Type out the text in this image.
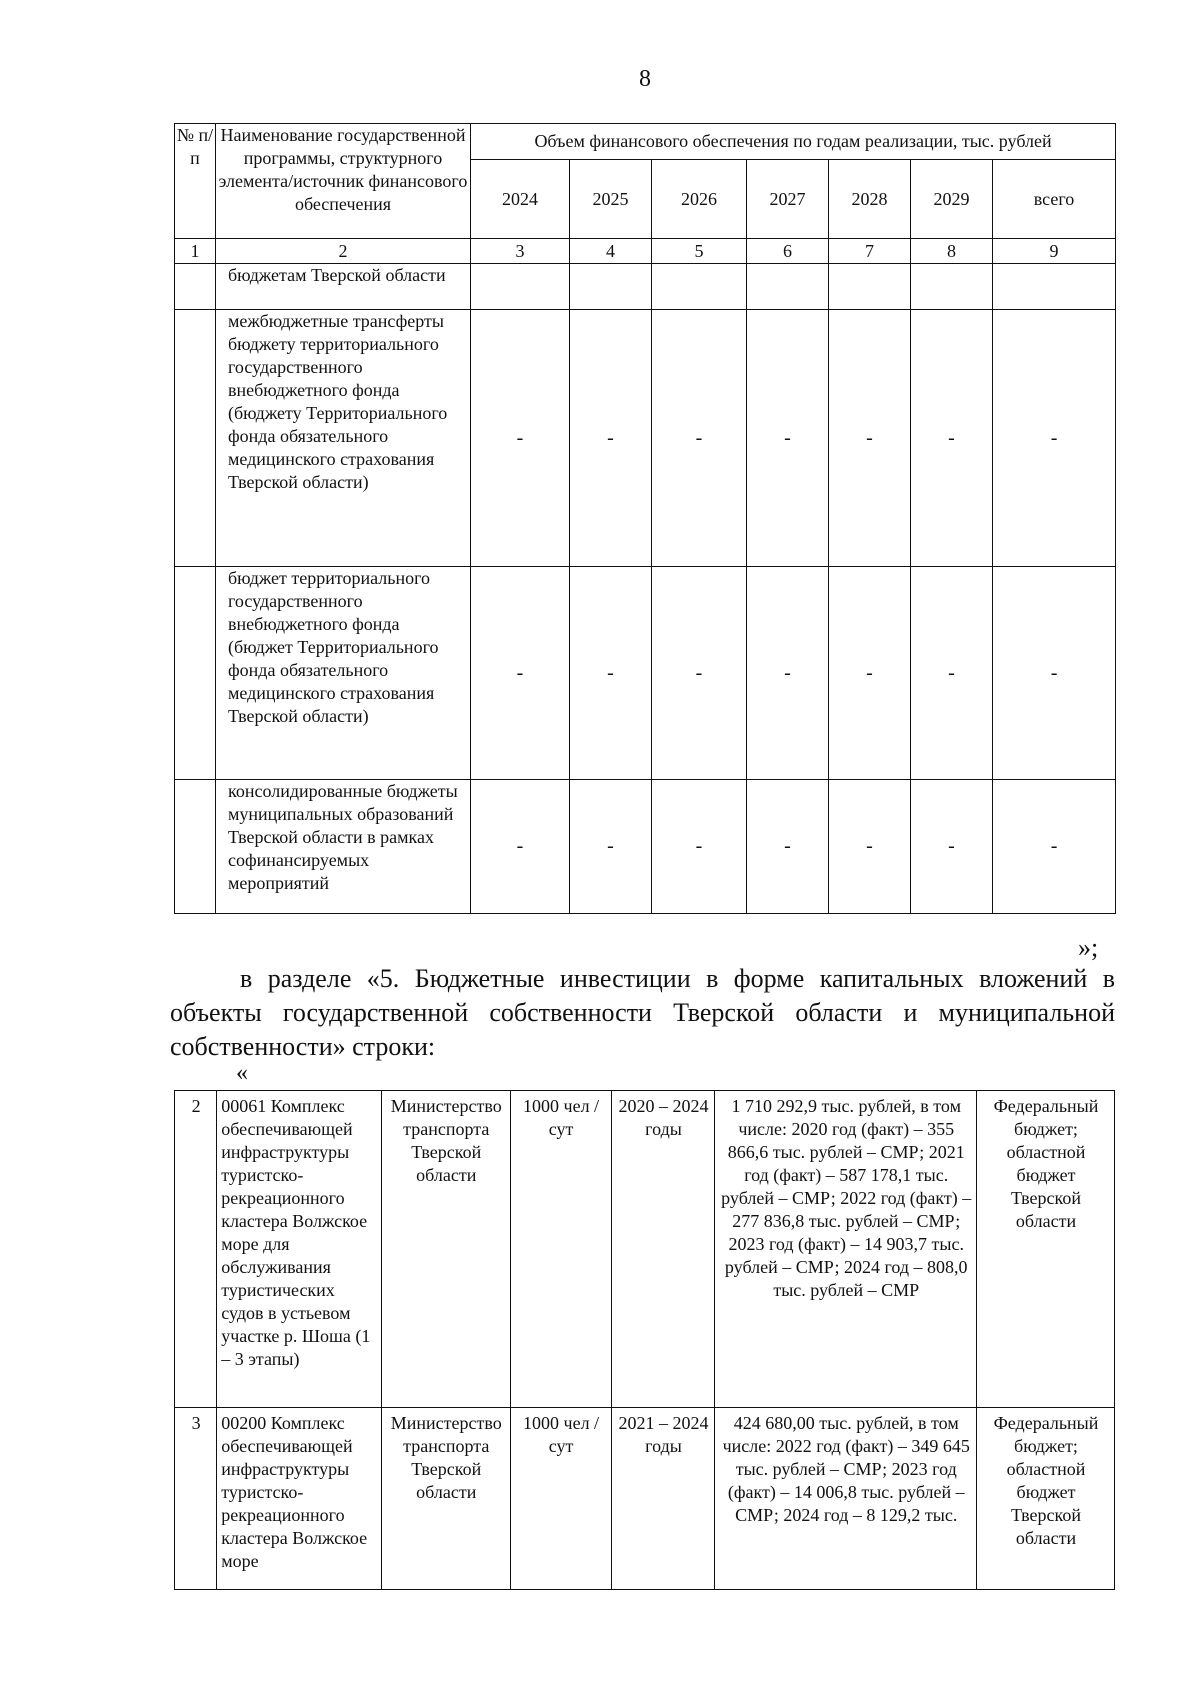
8
№ п/п	Наименование государственной программы, структурного элемента/источник финансового обеспечения	Объем финансового обеспечения по годам реализации, тыс. рублей						
		2024	2025	2026	2027	2028	2029	всего
1	2	3	4	5	6	7	8	9
	бюджетам Тверской области							
	межбюджетные трансферты бюджету территориального государственного внебюджетного фонда (бюджету Территориального фонда обязательного медицинского страхования Тверской области)	-	-	-	-	-	-	-
	бюджет территориального государственного внебюджетного фонда (бюджет Территориального фонда обязательного медицинского страхования Тверской области)	-	-	-	-	-	-	-
	консолидированные бюджеты муниципальных образований Тверской области в рамках софинансируемых мероприятий	-	-	-	-	-	-	-
»;
в разделе «5. Бюджетные инвестиции в форме капитальных вложений в объекты государственной собственности Тверской области и муниципальной собственности» строки:
«
2	00061 Комплекс обеспечивающей инфраструктуры туристско-рекреационного кластера Волжское море для обслуживания туристических судов в устьевом участке р. Шоша (1 – 3 этапы)	Министерство транспорта Тверской области	1000 чел /сут	2020 – 2024 годы	1 710 292,9 тыс. рублей, в том числе: 2020 год (факт) – 355 866,6 тыс. рублей – СМР; 2021 год (факт) – 587 178,1 тыс. рублей – СМР; 2022 год (факт) – 277 836,8 тыс. рублей – СМР; 2023 год (факт) – 14 903,7 тыс. рублей – СМР; 2024 год – 808,0 тыс. рублей – СМР	Федеральный бюджет; областной бюджет Тверской области
3	00200 Комплекс обеспечивающей инфраструктуры туристско-рекреационного кластера Волжское море	Министерство транспорта Тверской области	1000 чел /сут	2021 – 2024 годы	424 680,00 тыс. рублей, в том числе: 2022 год (факт) – 349 645 тыс. рублей – СМР; 2023 год (факт) – 14 006,8 тыс. рублей – СМР; 2024 год – 8 129,2 тыс.	Федеральный бюджет; областной бюджет Тверской области
